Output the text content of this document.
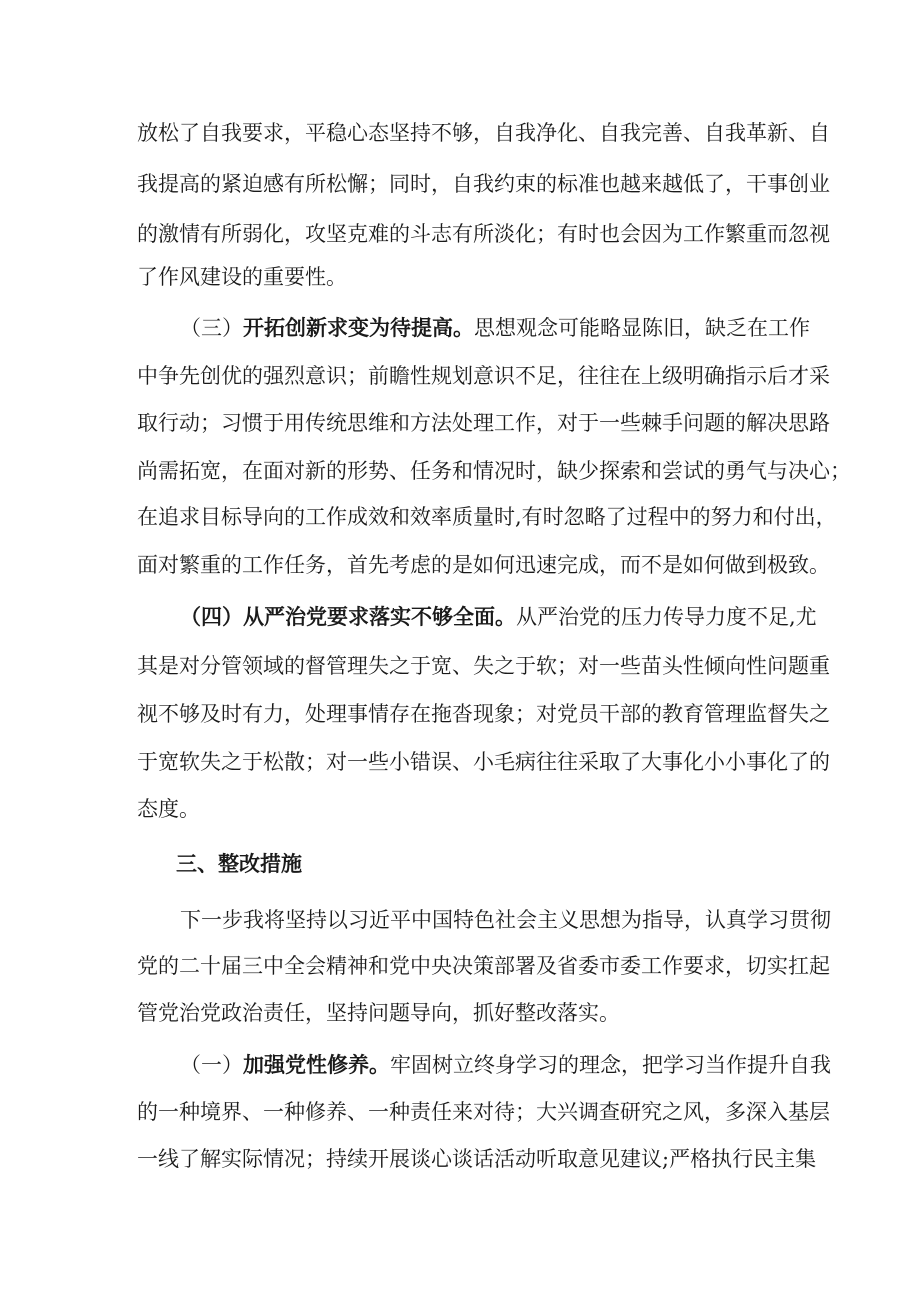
放松了自我要求，平稳心态坚持不够，自我净化、自我完善、自我革新、自
我提高的紧迫感有所松懈；同时，自我约束的标准也越来越低了，干事创业
的激情有所弱化，攻坚克难的斗志有所淡化；有时也会因为工作繁重而忽视
了作风建设的重要性。
（三）开拓创新求变为待提高。思想观念可能略显陈旧，缺乏在工作
中争先创优的强烈意识；前瞻性规划意识不足，往往在上级明确指示后才采
取行动；习惯于用传统思维和方法处理工作，对于一些棘手问题的解决思路
尚需拓宽，在面对新的形势、任务和情况时，缺少探索和尝试的勇气与决心；
在追求目标导向的工作成效和效率质量时,有时忽略了过程中的努力和付出，
面对繁重的工作任务，首先考虑的是如何迅速完成，而不是如何做到极致。
（四）从严治党要求落实不够全面。从严治党的压力传导力度不足,尤
其是对分管领域的督管理失之于宽、失之于软；对一些苗头性倾向性问题重
视不够及时有力，处理事情存在拖沓现象；对党员干部的教育管理监督失之
于宽软失之于松散；对一些小错误、小毛病往往采取了大事化小小事化了的
态度。
三、整改措施
下一步我将坚持以习近平中国特色社会主义思想为指导，认真学习贯彻
党的二十届三中全会精神和党中央决策部署及省委市委工作要求，切实扛起
管党治党政治责任，坚持问题导向，抓好整改落实。
（一）加强党性修养。牢固树立终身学习的理念，把学习当作提升自我
的一种境界、一种修养、一种责任来对待；大兴调查研究之风，多深入基层
一线了解实际情况；持续开展谈心谈话活动听取意见建议;严格执行民主集
